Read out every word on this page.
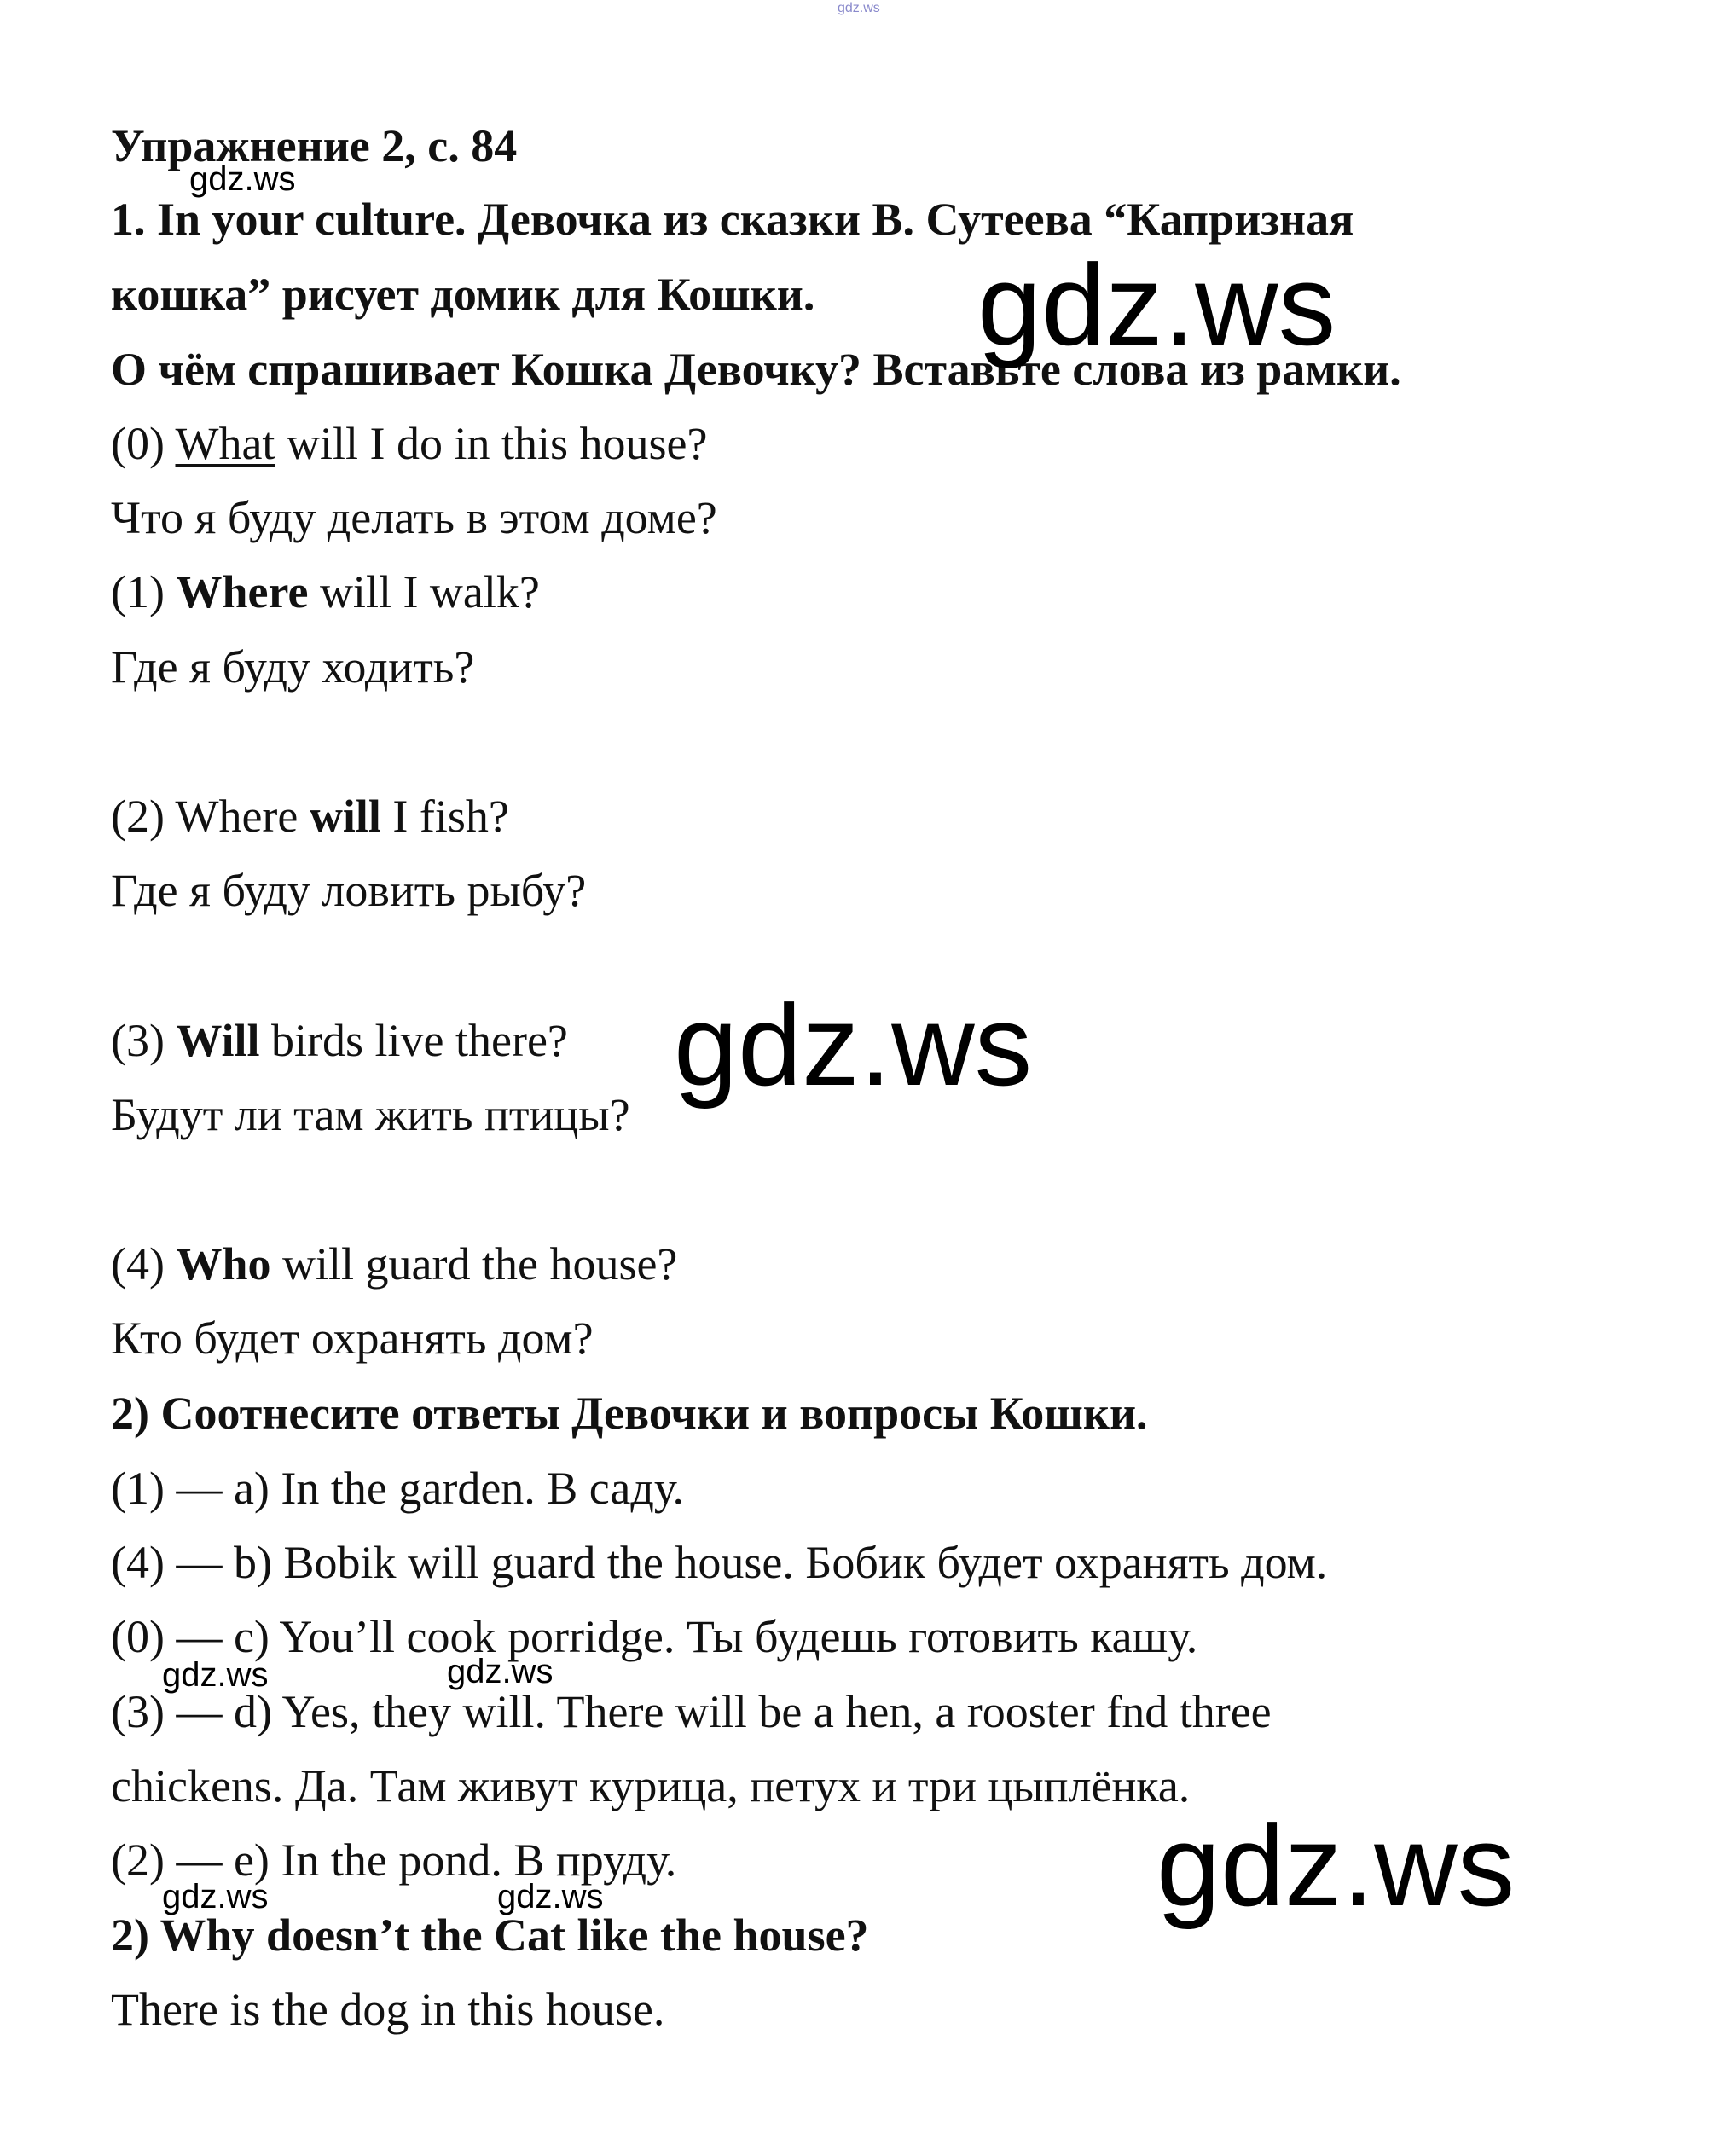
gdz.ws
Упражнение 2, с. 84
1. In your culture. Девочка из сказки В. Сутеева “Капризная
кошка” рисует домик для Кошки.
О чём спрашивает Кошка Девочку? Вставьте слова из рамки.
(0) What will I do in this house?
Что я буду делать в этом доме?
(1) Where will I walk?
Где я буду ходить?
(2) Where will I fish?
Где я буду ловить рыбу?
(3) Will birds live there?
Будут ли там жить птицы?
(4) Who will guard the house?
Кто будет охранять дом?
2) Соотнесите ответы Девочки и вопросы Кошки.
(1) — a) In the garden. В саду.
(4) — b) Bobik will guard the house. Бобик будет охранять дом.
(0) — c) You’ll cook porridge. Ты будешь готовить кашу.
(3) — d) Yes, they will. There will be a hen, a rooster fnd three
chickens. Да. Там живут курица, петух и три цыплёнка.
(2) — e) In the pond. В пруду.
2) Why doesn’t the Cat like the house?
There is the dog in this house.
gdz.ws
gdz.ws
gdz.ws
gdz.ws	gdz.ws
gdz.ws
gdz.ws	gdz.ws
